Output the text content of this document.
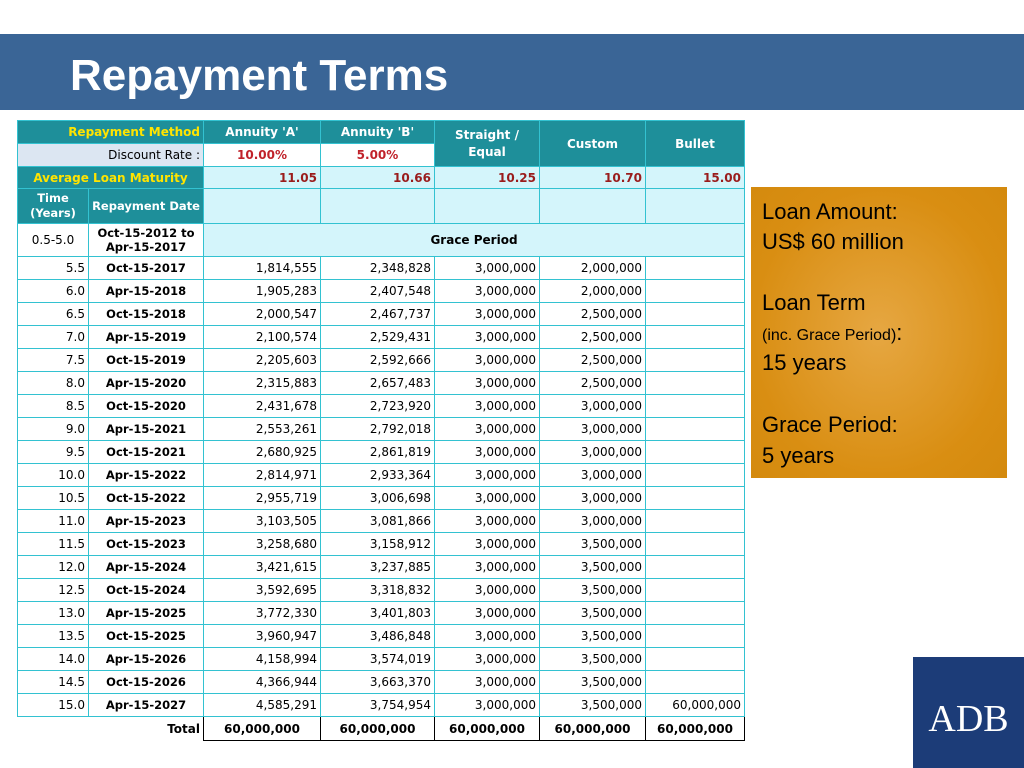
Repayment Terms
Repayment Method		Annuity 'A'	Annuity 'B'	Straight / Equal	Custom	Bullet
Discount Rate :		10.00%	5.00%			
Average Loan Maturity		11.05	10.66	10.25	10.70	15.00
Time (Years)	Repayment Date					
0.5-5.0	Oct-15-2012 to Apr-15-2017	Grace Period				
5.5	Oct-15-2017	1,814,555	2,348,828	3,000,000	2,000,000	
6.0	Apr-15-2018	1,905,283	2,407,548	3,000,000	2,000,000	
6.5	Oct-15-2018	2,000,547	2,467,737	3,000,000	2,500,000	
7.0	Apr-15-2019	2,100,574	2,529,431	3,000,000	2,500,000	
7.5	Oct-15-2019	2,205,603	2,592,666	3,000,000	2,500,000	
8.0	Apr-15-2020	2,315,883	2,657,483	3,000,000	2,500,000	
8.5	Oct-15-2020	2,431,678	2,723,920	3,000,000	3,000,000	
9.0	Apr-15-2021	2,553,261	2,792,018	3,000,000	3,000,000	
9.5	Oct-15-2021	2,680,925	2,861,819	3,000,000	3,000,000	
10.0	Apr-15-2022	2,814,971	2,933,364	3,000,000	3,000,000	
10.5	Oct-15-2022	2,955,719	3,006,698	3,000,000	3,000,000	
11.0	Apr-15-2023	3,103,505	3,081,866	3,000,000	3,000,000	
11.5	Oct-15-2023	3,258,680	3,158,912	3,000,000	3,500,000	
12.0	Apr-15-2024	3,421,615	3,237,885	3,000,000	3,500,000	
12.5	Oct-15-2024	3,592,695	3,318,832	3,000,000	3,500,000	
13.0	Apr-15-2025	3,772,330	3,401,803	3,000,000	3,500,000	
13.5	Oct-15-2025	3,960,947	3,486,848	3,000,000	3,500,000	
14.0	Apr-15-2026	4,158,994	3,574,019	3,000,000	3,500,000	
14.5	Oct-15-2026	4,366,944	3,663,370	3,000,000	3,500,000	
15.0	Apr-15-2027	4,585,291	3,754,954	3,000,000	3,500,000	60,000,000
	Total	60,000,000	60,000,000	60,000,000	60,000,000	60,000,000
Loan Amount:
US$ 60 million
Loan Term
(inc. Grace Period):
15 years
Grace Period:
5 years
ADB
